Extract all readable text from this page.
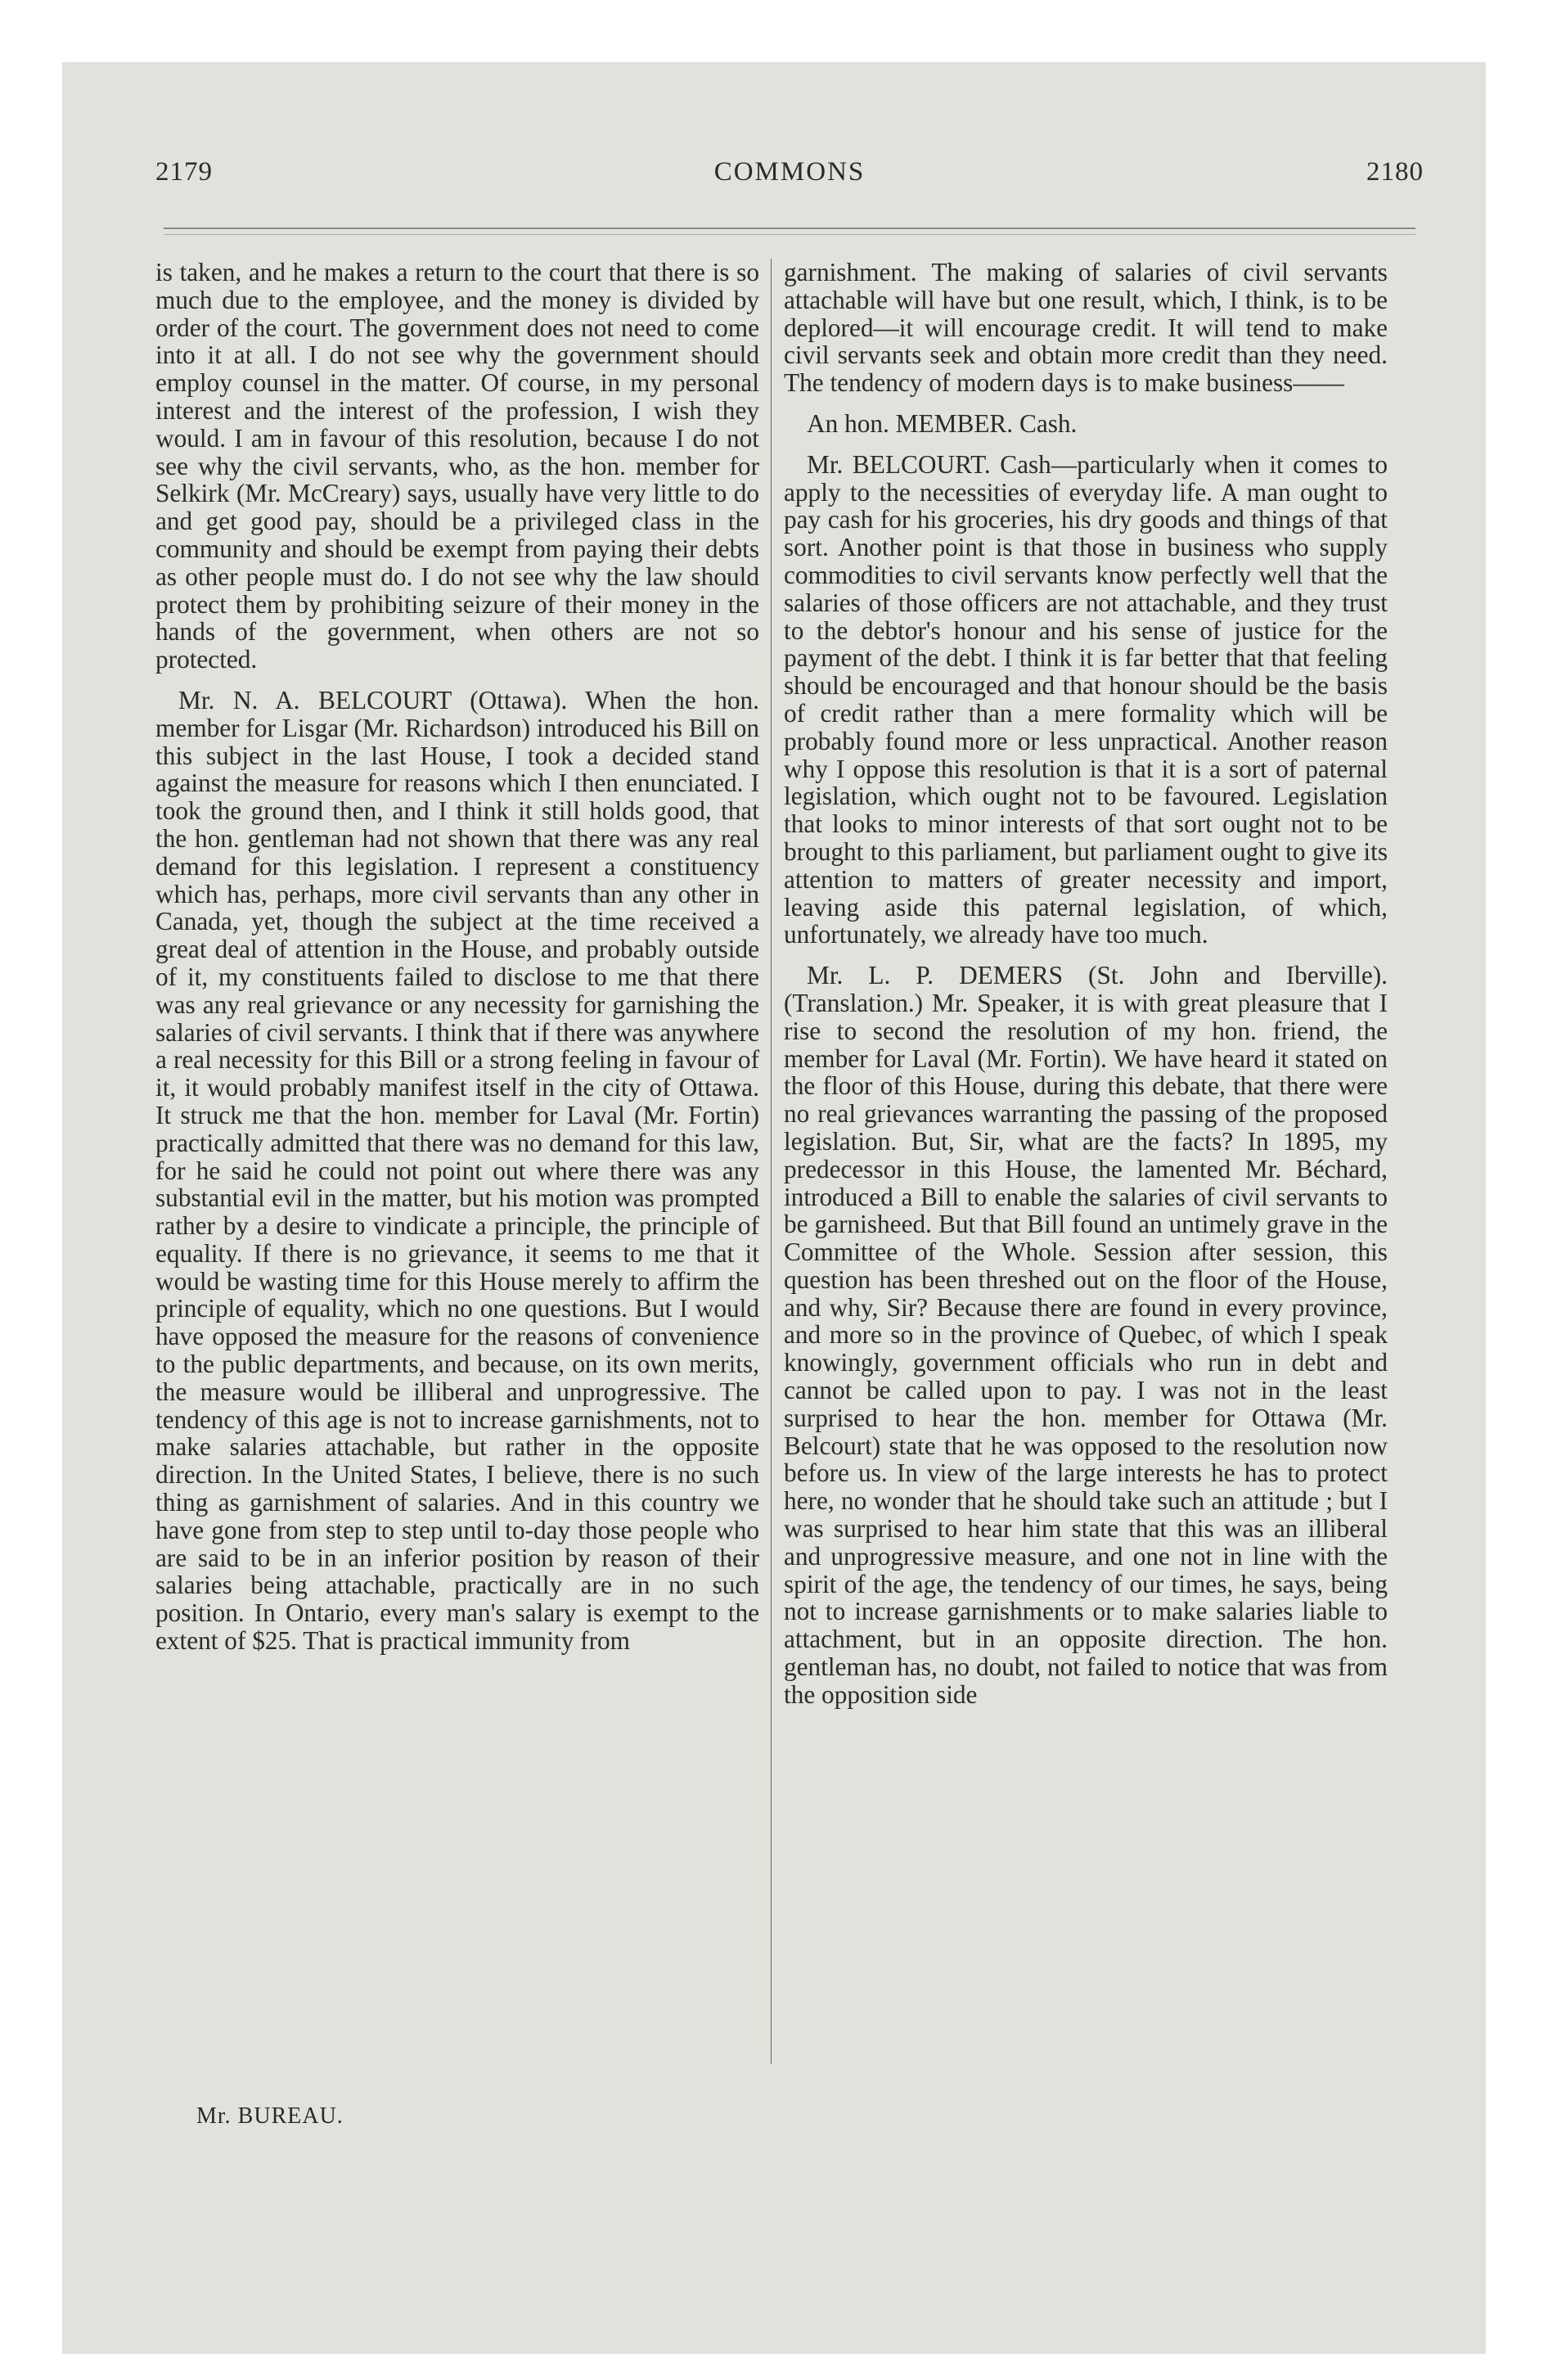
2179	COMMONS	2180

is taken, and he makes a return to the court that there is so much due to the employee, and the money is divided by order of the court. The government does not need to come into it at all. I do not see why the government should employ counsel in the matter. Of course, in my personal interest and the interest of the profession, I wish they would. I am in favour of this resolution, because I do not see why the civil servants, who, as the hon. member for Selkirk (Mr. McCreary) says, usually have very little to do and get good pay, should be a privileged class in the community and should be exempt from paying their debts as other people must do. I do not see why the law should protect them by prohibiting seizure of their money in the hands of the government, when others are not so protected.

Mr. N. A. BELCOURT (Ottawa). When the hon. member for Lisgar (Mr. Richardson) introduced his Bill on this subject in the last House, I took a decided stand against the measure for reasons which I then enunciated. I took the ground then, and I think it still holds good, that the hon. gentleman had not shown that there was any real demand for this legislation. I represent a constituency which has, perhaps, more civil servants than any other in Canada, yet, though the subject at the time received a great deal of attention in the House, and probably outside of it, my constituents failed to disclose to me that there was any real grievance or any necessity for garnishing the salaries of civil servants. I think that if there was anywhere a real necessity for this Bill or a strong feeling in favour of it, it would probably manifest itself in the city of Ottawa. It struck me that the hon. member for Laval (Mr. Fortin) practically admitted that there was no demand for this law, for he said he could not point out where there was any substantial evil in the matter, but his motion was prompted rather by a desire to vindicate a principle, the principle of equality. If there is no grievance, it seems to me that it would be wasting time for this House merely to affirm the principle of equality, which no one questions. But I would have opposed the measure for the reasons of convenience to the public departments, and because, on its own merits, the measure would be illiberal and unprogressive. The tendency of this age is not to increase garnishments, not to make salaries attachable, but rather in the opposite direction. In the United States, I believe, there is no such thing as garnishment of salaries. And in this country we have gone from step to step until to-day those people who are said to be in an inferior position by reason of their salaries being attachable, practically are in no such position. In Ontario, every man's salary is exempt to the extent of $25. That is practical immunity from

garnishment. The making of salaries of civil servants attachable will have but one result, which, I think, is to be deplored—it will encourage credit. It will tend to make civil servants seek and obtain more credit than they need. The tendency of modern days is to make business——

An hon. MEMBER. Cash.

Mr. BELCOURT. Cash—particularly when it comes to apply to the necessities of everyday life. A man ought to pay cash for his groceries, his dry goods and things of that sort. Another point is that those in business who supply commodities to civil servants know perfectly well that the salaries of those officers are not attachable, and they trust to the debtor's honour and his sense of justice for the payment of the debt. I think it is far better that that feeling should be encouraged and that honour should be the basis of credit rather than a mere formality which will be probably found more or less unpractical. Another reason why I oppose this resolution is that it is a sort of paternal legislation, which ought not to be favoured. Legislation that looks to minor interests of that sort ought not to be brought to this parliament, but parliament ought to give its attention to matters of greater necessity and import, leaving aside this paternal legislation, of which, unfortunately, we already have too much.

Mr. L. P. DEMERS (St. John and Iberville). (Translation.) Mr. Speaker, it is with great pleasure that I rise to second the resolution of my hon. friend, the member for Laval (Mr. Fortin). We have heard it stated on the floor of this House, during this debate, that there were no real grievances warranting the passing of the proposed legislation. But, Sir, what are the facts? In 1895, my predecessor in this House, the lamented Mr. Béchard, introduced a Bill to enable the salaries of civil servants to be garnisheed. But that Bill found an untimely grave in the Committee of the Whole. Session after session, this question has been threshed out on the floor of the House, and why, Sir? Because there are found in every province, and more so in the province of Quebec, of which I speak knowingly, government officials who run in debt and cannot be called upon to pay. I was not in the least surprised to hear the hon. member for Ottawa (Mr. Belcourt) state that he was opposed to the resolution now before us. In view of the large interests he has to protect here, no wonder that he should take such an attitude ; but I was surprised to hear him state that this was an illiberal and unprogressive measure, and one not in line with the spirit of the age, the tendency of our times, he says, being not to increase garnishments or to make salaries liable to attachment, but in an opposite direction. The hon. gentleman has, no doubt, not failed to notice that was from the opposition side

Mr. BUREAU.
